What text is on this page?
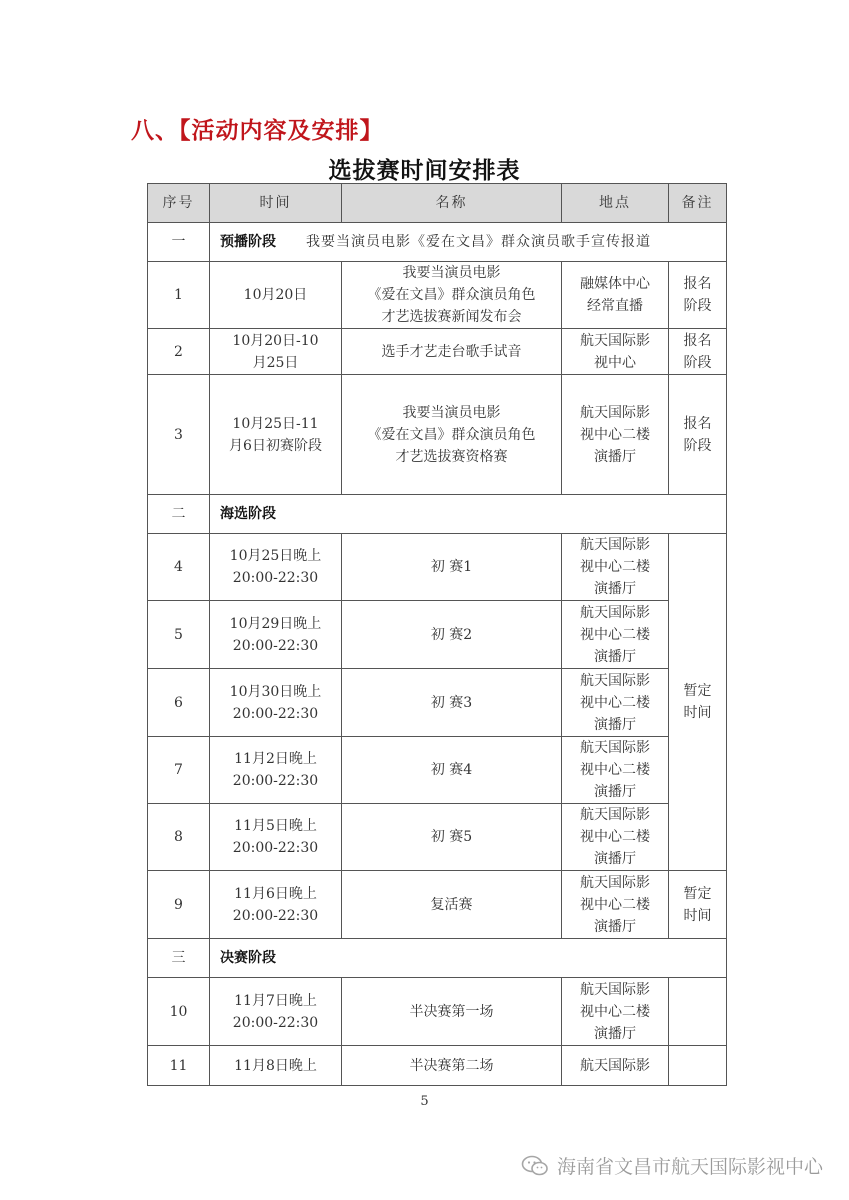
八、【活动内容及安排】
选拔赛时间安排表
序号	时间	名称	地点	备注
一	预播阶段 我要当演员电影《爱在文昌》群众演员歌手宣传报道			
1	10月20日	我要当演员电影
《爱在文昌》群众演员角色
才艺选拔赛新闻发布会	融媒体中心
经常直播	报名
阶段
2	10月20日-10
月25日	选手才艺走台歌手试音	航天国际影
视中心	报名
阶段
3	10月25日-11
月6日初赛阶段	我要当演员电影
《爱在文昌》群众演员角色
才艺选拔赛资格赛	航天国际影
视中心二楼
演播厅	报名
阶段
二	海选阶段			
4	10月25日晚上
20:00-22:30	初 赛1	航天国际影
视中心二楼
演播厅	暂定
时间
5	10月29日晚上
20:00-22:30	初 赛2	航天国际影
视中心二楼
演播厅	
6	10月30日晚上
20:00-22:30	初 赛3	航天国际影
视中心二楼
演播厅	
7	11月2日晚上
20:00-22:30	初 赛4	航天国际影
视中心二楼
演播厅	
8	11月5日晚上
20:00-22:30	初 赛5	航天国际影
视中心二楼
演播厅	
9	11月6日晚上
20:00-22:30	复活赛	航天国际影
视中心二楼
演播厅	暂定
时间
三	决赛阶段			
10	11月7日晚上
20:00-22:30	半决赛第一场	航天国际影
视中心二楼
演播厅	
11	11月8日晚上	半决赛第二场	航天国际影	
5
海南省文昌市航天国际影视中心
